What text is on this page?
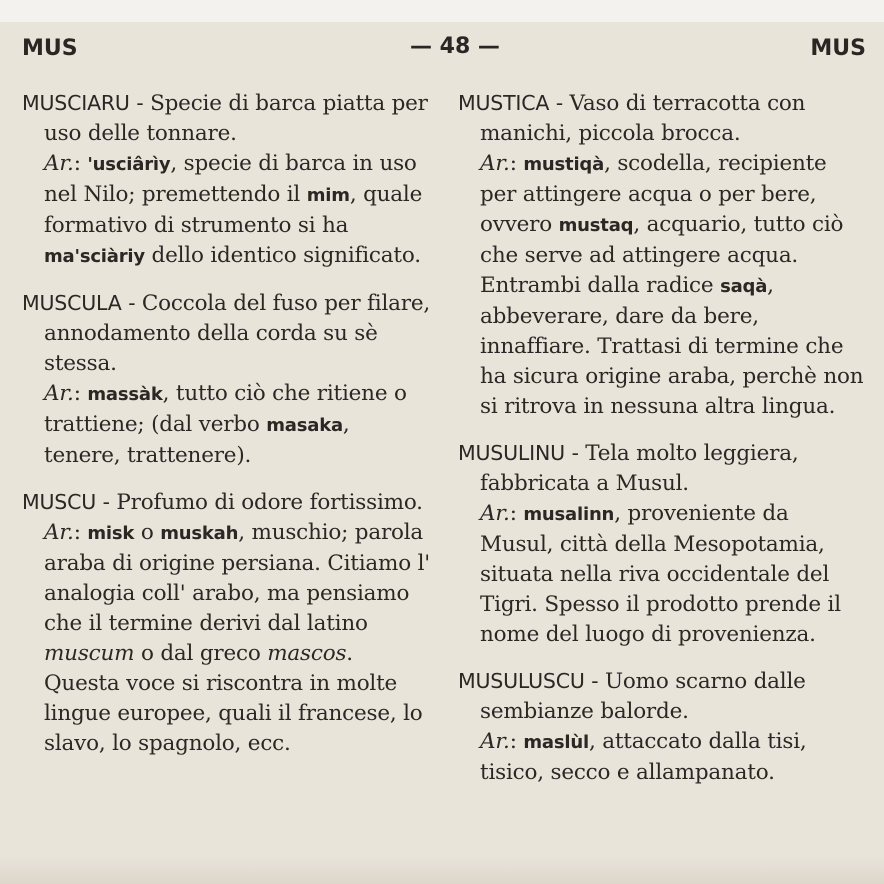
MUS	— 48 —	MUS

MUSCIARU - Specie di barca piatta per uso delle tonnare.

Ar.: 'usciârìy, specie di barca in uso nel Nilo; premettendo il mim, quale formativo di strumento si ha ma'sciàriy dello identico significato.

MUSCULA - Coccola del fuso per filare, annodamento della corda su sè stessa.

Ar.: massàk, tutto ciò che ritiene o trattiene; (dal verbo masaka, tenere, trattenere).

MUSCU - Profumo di odore fortissimo.

Ar.: misk o muskah, muschio; parola araba di origine persiana. Citiamo l' analogia coll' arabo, ma pensiamo che il termine derivi dal latino muscum o dal greco mascos. Questa voce si riscontra in molte lingue europee, quali il francese, lo slavo, lo spagnolo, ecc.

MUSTICA - Vaso di terracotta con manichi, piccola brocca.

Ar.: mustiqà, scodella, recipiente per attingere acqua o per bere, ovvero mustaq, acquario, tutto ciò che serve ad attingere acqua. Entrambi dalla radice saqà, abbeverare, dare da bere, innaffiare. Trattasi di termine che ha sicura origine araba, perchè non si ritrova in nessuna altra lingua.

MUSULINU - Tela molto leggiera, fabbricata a Musul.

Ar.: musalinn, proveniente da Musul, città della Mesopotamia, situata nella riva occidentale del Tigri. Spesso il prodotto prende il nome del luogo di provenienza.

MUSULUSCU - Uomo scarno dalle sembianze balorde.

Ar.: maslùl, attaccato dalla tisi, tisico, secco e allampanato.
